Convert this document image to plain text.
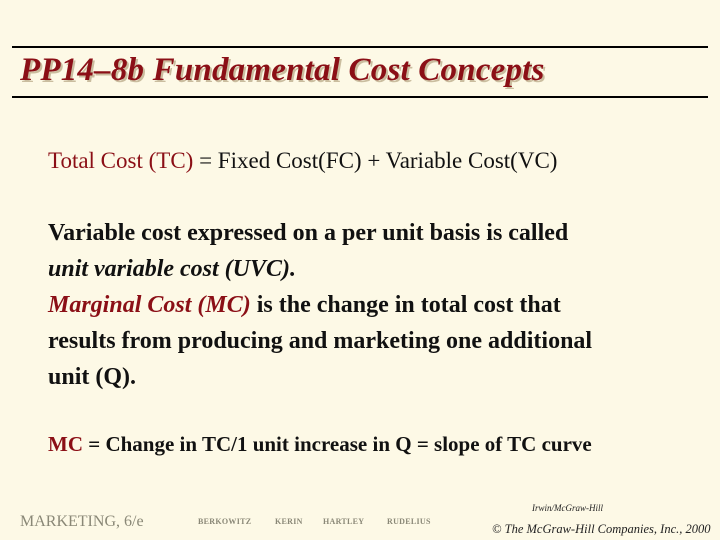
PP14–8b Fundamental Cost Concepts
Total Cost (TC) = Fixed Cost(FC) + Variable Cost(VC)
Variable cost expressed on a per unit basis is called
unit variable cost (UVC).
Marginal Cost (MC) is the change in total cost that
results from producing and marketing one additional
unit (Q).
MC = Change in TC/1 unit increase in Q = slope of TC curve
MARKETING, 6/e	BERKOWITZ	KERIN	HARTLEY	RUDELIUS
Irwin/McGraw-Hill
© The McGraw-Hill Companies, Inc., 2000
